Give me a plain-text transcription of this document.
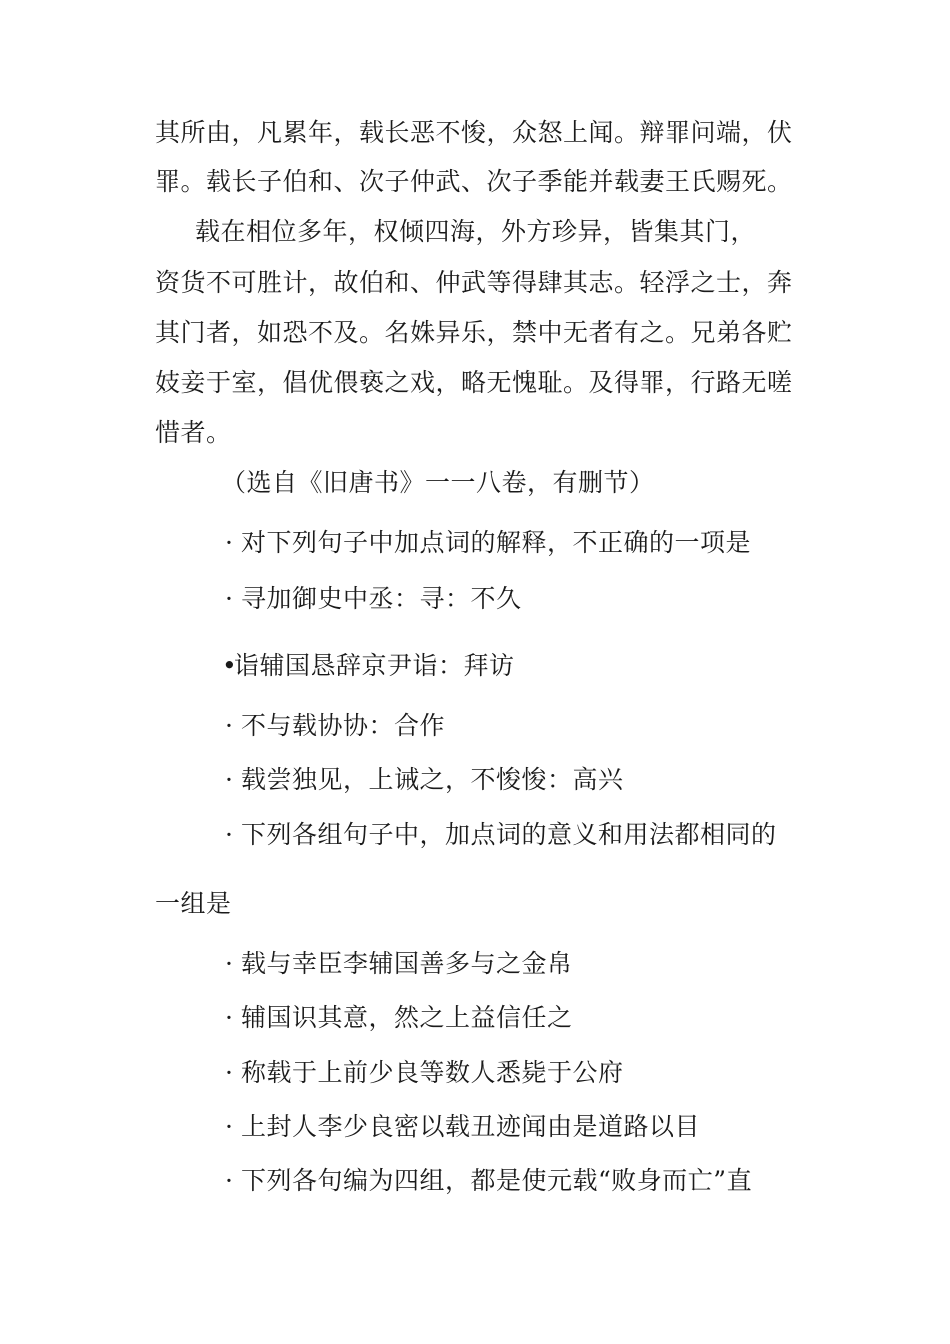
其所由，凡累年，载长恶不悛，众怒上闻。辩罪问端，伏
罪。载长子伯和、次子仲武、次子季能并载妻王氏赐死。
载在相位多年，权倾四海，外方珍异，皆集其门，
资货不可胜计，故伯和、仲武等得肆其志。轻浮之士，奔
其门者，如恐不及。名姝异乐，禁中无者有之。兄弟各贮
妓妾于室，倡优偎亵之戏，略无愧耻。及得罪，行路无嗟
惜者。
（选自《旧唐书》一一八卷，有删节）
· 对下列句子中加点词的解释，不正确的一项是
· 寻加御史中丞：寻：不久
•诣辅国恳辞京尹诣：拜访
· 不与载协协：合作
· 载尝独见，上诫之，不悛悛：高兴
· 下列各组句子中，加点词的意义和用法都相同的
一组是
· 载与幸臣李辅国善多与之金帛
· 辅国识其意，然之上益信任之
· 称载于上前少良等数人悉毙于公府
· 上封人李少良密以载丑迹闻由是道路以目
· 下列各句编为四组，都是使元载“败身而亡”直
